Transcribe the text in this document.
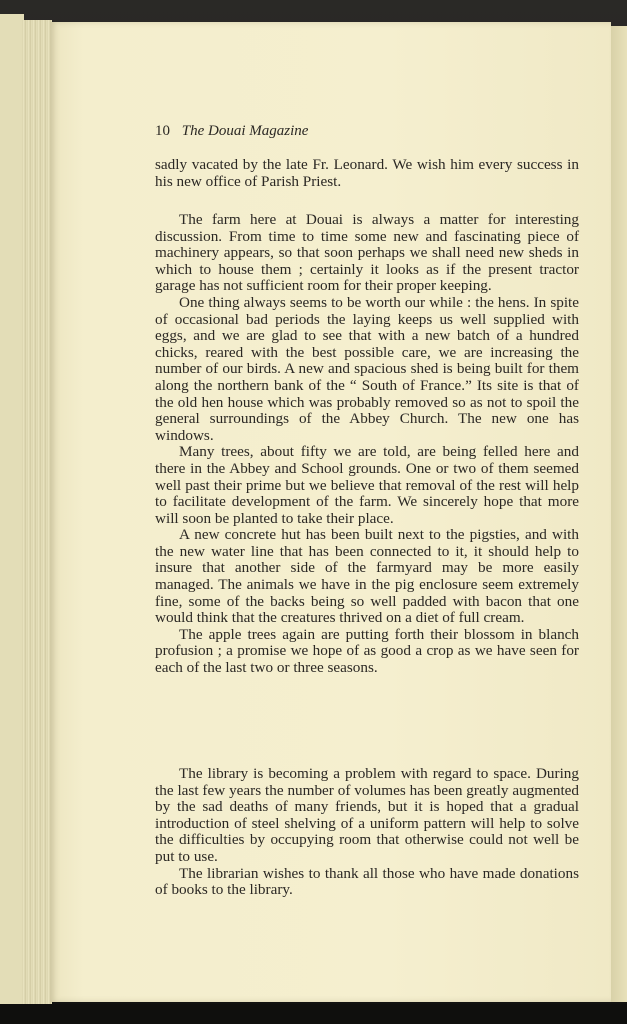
10 The Douai Magazine

sadly vacated by the late Fr. Leonard. We wish him every success in his new office of Parish Priest.

The farm here at Douai is always a matter for interesting discussion. From time to time some new and fascinating piece of machinery appears, so that soon perhaps we shall need new sheds in which to house them ; certainly it looks as if the present tractor garage has not sufficient room for their proper keeping.

One thing always seems to be worth our while : the hens. In spite of occasional bad periods the laying keeps us well supplied with eggs, and we are glad to see that with a new batch of a hundred chicks, reared with the best possible care, we are increasing the number of our birds. A new and spacious shed is being built for them along the northern bank of the “ South of France.” Its site is that of the old hen house which was probably removed so as not to spoil the general surroundings of the Abbey Church. The new one has windows.

Many trees, about fifty we are told, are being felled here and there in the Abbey and School grounds. One or two of them seemed well past their prime but we believe that removal of the rest will help to facilitate development of the farm. We sincerely hope that more will soon be planted to take their place.

A new concrete hut has been built next to the pigsties, and with the new water line that has been connected to it, it should help to insure that another side of the farmyard may be more easily managed. The animals we have in the pig enclosure seem extremely fine, some of the backs being so well padded with bacon that one would think that the creatures thrived on a diet of full cream.

The apple trees again are putting forth their blossom in blanch profusion ; a promise we hope of as good a crop as we have seen for each of the last two or three seasons.

The library is becoming a problem with regard to space. During the last few years the number of volumes has been greatly augmented by the sad deaths of many friends, but it is hoped that a gradual introduction of steel shelving of a uniform pattern will help to solve the difficulties by occupying room that otherwise could not well be put to use.

The librarian wishes to thank all those who have made donations of books to the library.
